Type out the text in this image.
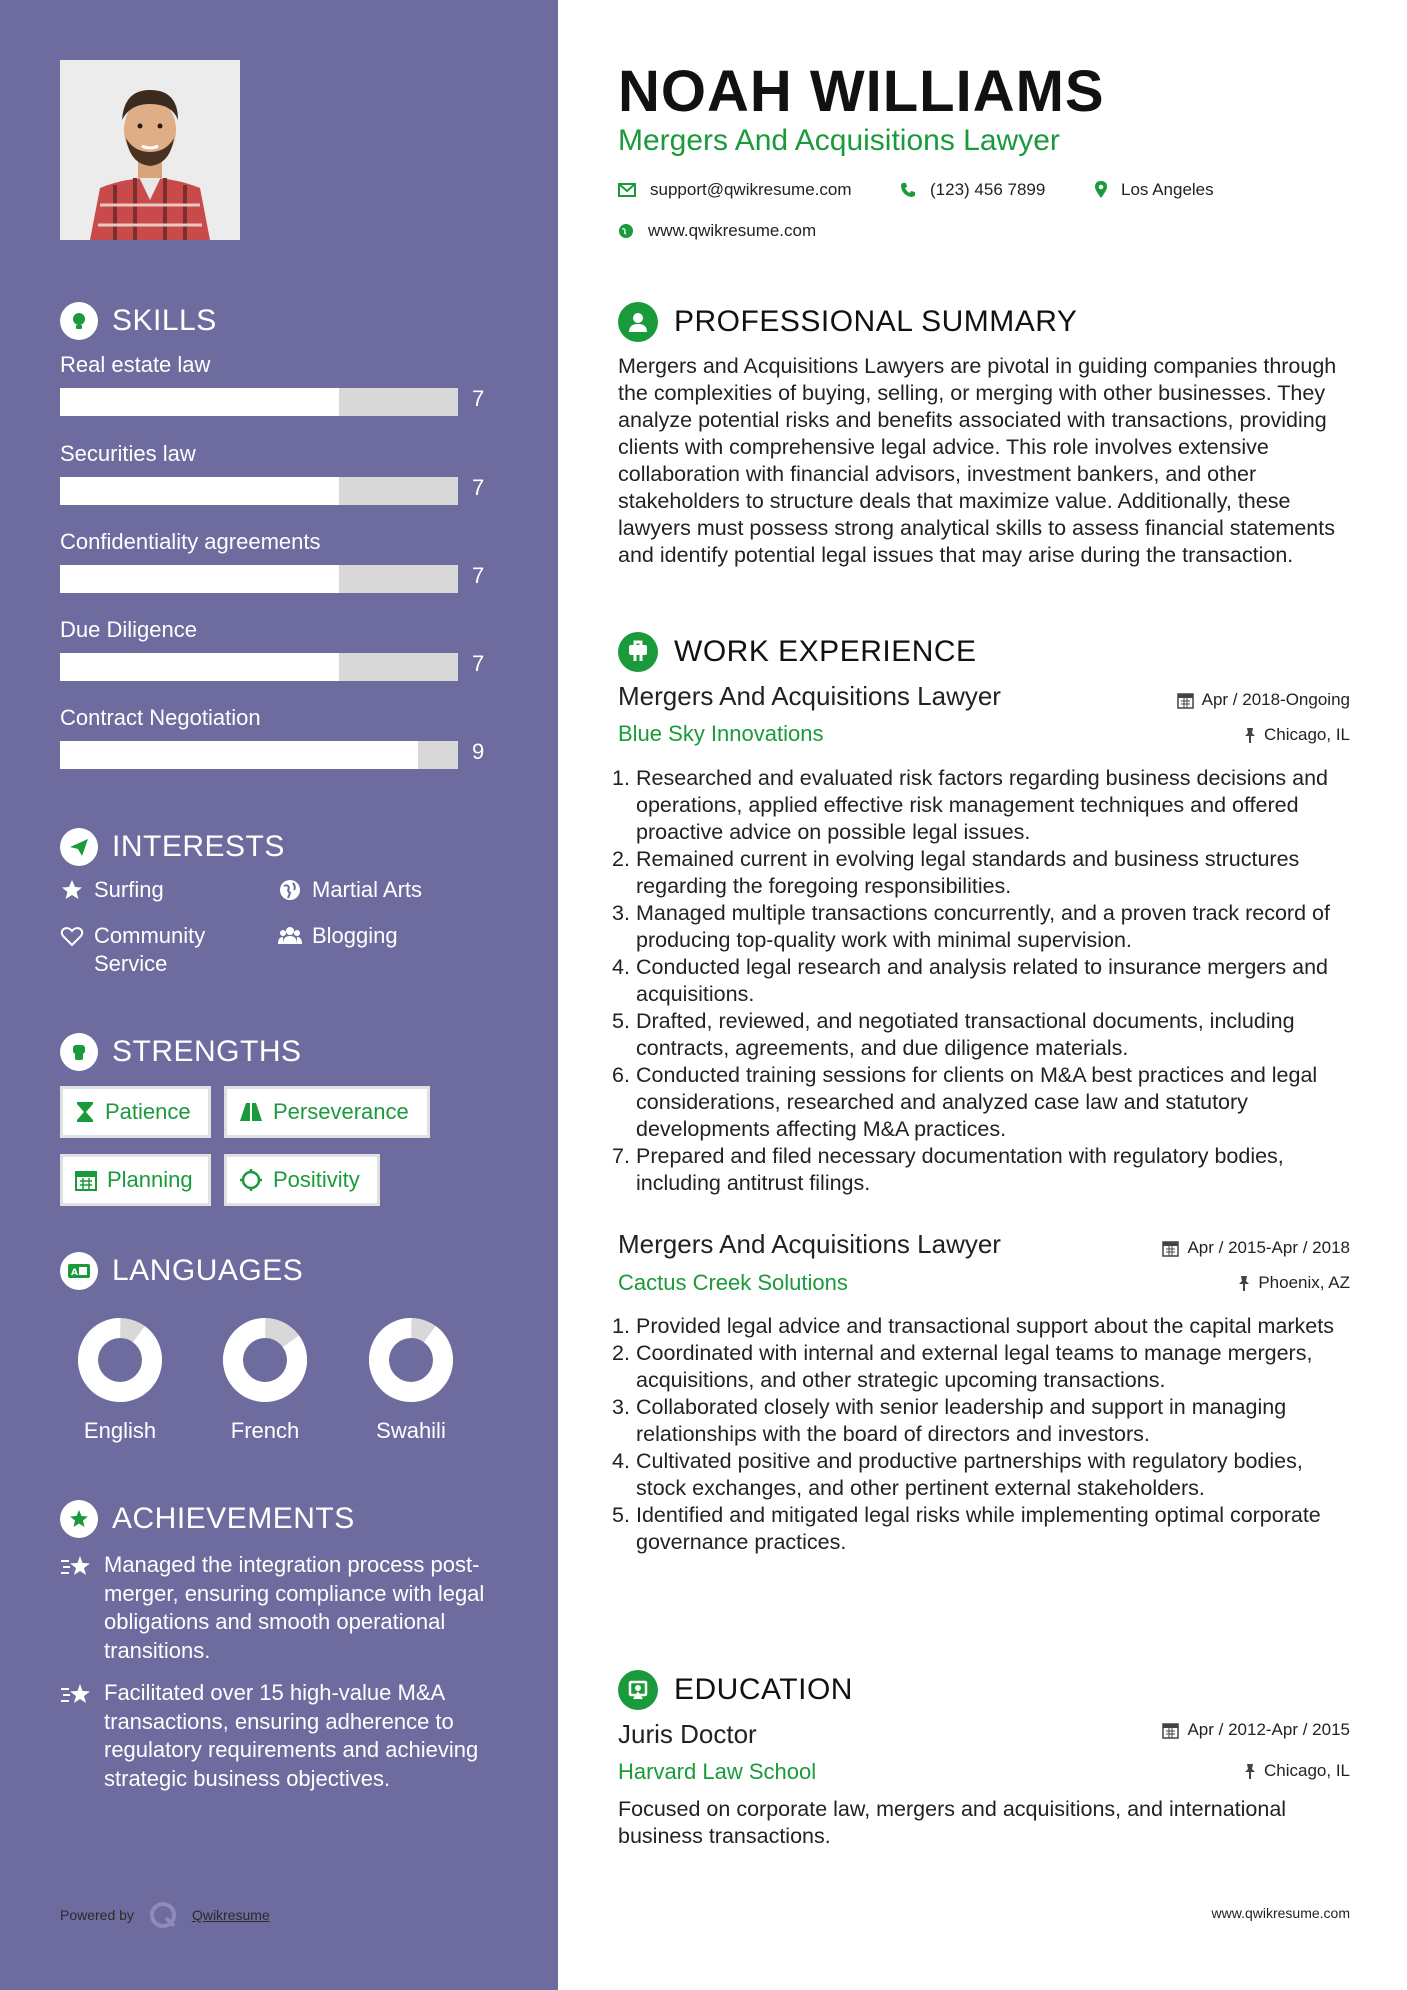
SKILLS
Real estate law
7
Securities law
7
Confidentiality agreements
7
Due Diligence
7
Contract Negotiation
9
INTERESTS
Surfing	Martial Arts
Community Service
Blogging
STRENGTHS
Patience	Perseverance
Planning	Positivity
A LANGUAGES
English	French	Swahili
ACHIEVEMENTS
Managed the integration process post-merger, ensuring compliance with legal obligations and smooth operational transitions.
Facilitated over 15 high-value M&A transactions, ensuring adherence to regulatory requirements and achieving strategic business objectives.
Powered by	Qwikresume
NOAH WILLIAMS
Mergers And Acquisitions Lawyer
support@qwikresume.com	(123) 456 7899	Los Angeles
www.qwikresume.com
PROFESSIONAL SUMMARY
Mergers and Acquisitions Lawyers are pivotal in guiding companies through the complexities of buying, selling, or merging with other businesses. They analyze potential risks and benefits associated with transactions, providing clients with comprehensive legal advice. This role involves extensive collaboration with financial advisors, investment bankers, and other stakeholders to structure deals that maximize value. Additionally, these lawyers must possess strong analytical skills to assess financial statements and identify potential legal issues that may arise during the transaction.
WORK EXPERIENCE
Mergers And Acquisitions Lawyer	Apr / 2018-Ongoing
Blue Sky Innovations	Chicago, IL
1. Researched and evaluated risk factors regarding business decisions and operations, applied effective risk management techniques and offered proactive advice on possible legal issues.
2. Remained current in evolving legal standards and business structures regarding the foregoing responsibilities.
3. Managed multiple transactions concurrently, and a proven track record of producing top-quality work with minimal supervision.
4. Conducted legal research and analysis related to insurance mergers and acquisitions.
5. Drafted, reviewed, and negotiated transactional documents, including contracts, agreements, and due diligence materials.
6. Conducted training sessions for clients on M&A best practices and legal considerations, researched and analyzed case law and statutory developments affecting M&A practices.
7. Prepared and filed necessary documentation with regulatory bodies, including antitrust filings.
Mergers And Acquisitions Lawyer	Apr / 2015-Apr / 2018
Cactus Creek Solutions	Phoenix, AZ
1. Provided legal advice and transactional support about the capital markets
2. Coordinated with internal and external legal teams to manage mergers, acquisitions, and other strategic upcoming transactions.
3. Collaborated closely with senior leadership and support in managing relationships with the board of directors and investors.
4. Cultivated positive and productive partnerships with regulatory bodies, stock exchanges, and other pertinent external stakeholders.
5. Identified and mitigated legal risks while implementing optimal corporate governance practices.
EDUCATION
Juris Doctor	Apr / 2012-Apr / 2015
Harvard Law School	Chicago, IL
Focused on corporate law, mergers and acquisitions, and international business transactions.
www.qwikresume.com
